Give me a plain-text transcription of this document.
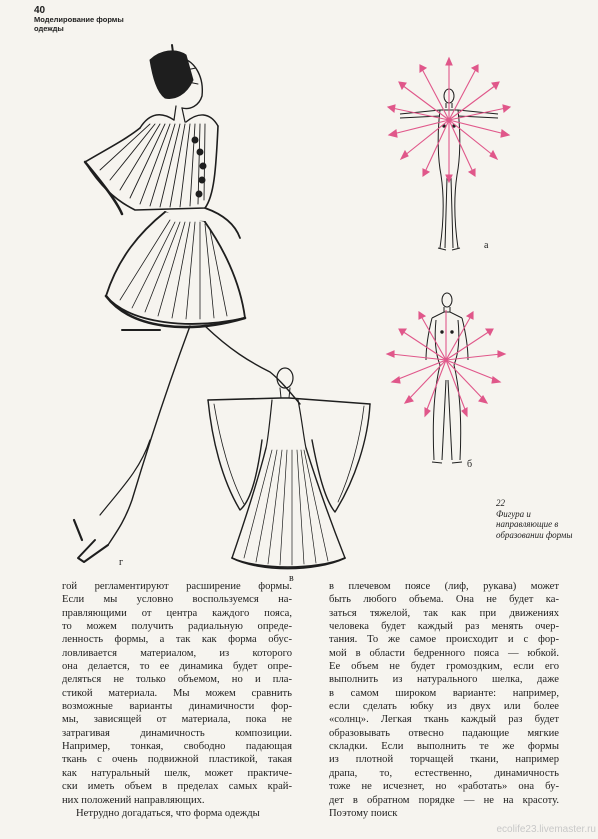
40
Моделирование формы одежды
а
б
в
г
22
Фигура и направляющие в образовании формы
гой регламентируют расширение формы.
Если мы условно воспользуемся на-
правляющими от центра каждого пояса,
то можем получить радиальную опреде-
ленность формы, а так как форма обус-
ловливается материалом, из которого
она делается, то ее динамика будет опре-
деляться не только объемом, но и пла-
стикой материала. Мы можем сравнить
возможные варианты динамичности фор-
мы, зависящей от материала, пока не
затрагивая динамичность композиции.
Например, тонкая, свободно падающая
ткань с очень подвижной пластикой, такая
как натуральный шелк, может практиче-
ски иметь объем в пределах самых край-
них положений направляющих.
Нетрудно догадаться, что форма одежды
в плечевом поясе (лиф, рукава) может
быть любого объема. Она не будет ка-
заться тяжелой, так как при движениях
человека будет каждый раз менять очер-
тания. То же самое происходит и с фор-
мой в области бедренного пояса — юбкой.
Ее объем не будет громоздким, если его
выполнить из натурального шелка, даже
в самом широком варианте: например,
если сделать юбку из двух или более
«солнц». Легкая ткань каждый раз будет
образовывать отвесно падающие мягкие
складки. Если выполнить те же формы
из плотной торчащей ткани, например
драпа, то, естественно, динамичность
тоже не исчезнет, но «работать» она бу-
дет в обратном порядке — не на красоту.
Поэтому поиск
ecolife23.livemaster.ru
